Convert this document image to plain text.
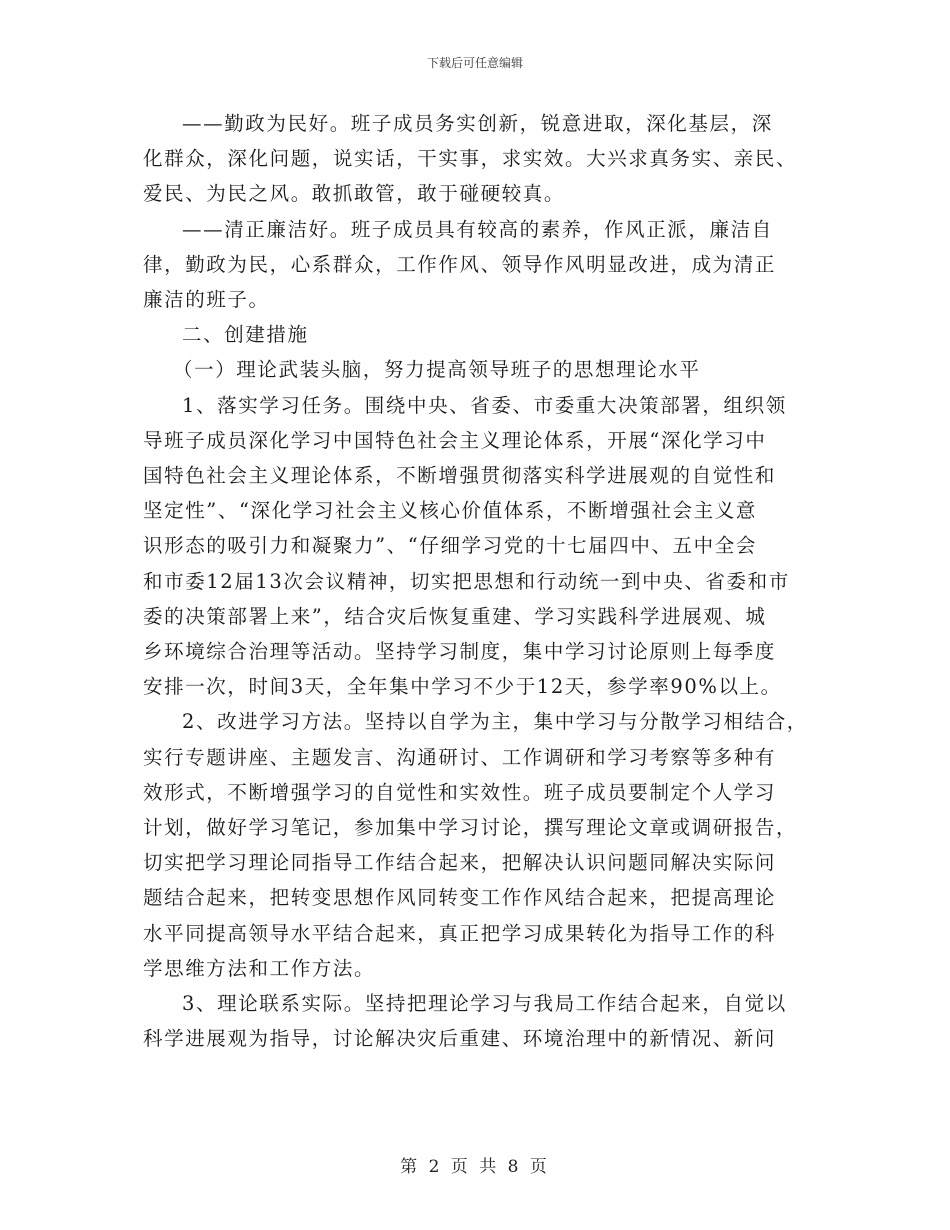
下载后可任意编辑

——勤政为民好。班子成员务实创新，锐意进取，深化基层，深
化群众，深化问题，说实话，干实事，求实效。大兴求真务实、亲民、
爱民、为民之风。敢抓敢管，敢于碰硬较真。

——清正廉洁好。班子成员具有较高的素养，作风正派，廉洁自
律，勤政为民，心系群众，工作作风、领导作风明显改进，成为清正
廉洁的班子。

二、创建措施

（一）理论武装头脑，努力提高领导班子的思想理论水平

1、落实学习任务。围绕中央、省委、市委重大决策部署，组织领
导班子成员深化学习中国特色社会主义理论体系，开展“深化学习中
国特色社会主义理论体系，不断增强贯彻落实科学进展观的自觉性和
坚定性”、“深化学习社会主义核心价值体系，不断增强社会主义意
识形态的吸引力和凝聚力”、“仔细学习党的十七届四中、五中全会
和市委12届13次会议精神，切实把思想和行动统一到中央、省委和市
委的决策部署上来”，结合灾后恢复重建、学习实践科学进展观、城
乡环境综合治理等活动。坚持学习制度，集中学习讨论原则上每季度
安排一次，时间3天，全年集中学习不少于12天，参学率90%以上。

2、改进学习方法。坚持以自学为主，集中学习与分散学习相结合，
实行专题讲座、主题发言、沟通研讨、工作调研和学习考察等多种有
效形式，不断增强学习的自觉性和实效性。班子成员要制定个人学习
计划，做好学习笔记，参加集中学习讨论，撰写理论文章或调研报告，
切实把学习理论同指导工作结合起来，把解决认识问题同解决实际问
题结合起来，把转变思想作风同转变工作作风结合起来，把提高理论
水平同提高领导水平结合起来，真正把学习成果转化为指导工作的科
学思维方法和工作方法。

3、理论联系实际。坚持把理论学习与我局工作结合起来，自觉以
科学进展观为指导，讨论解决灾后重建、环境治理中的新情况、新问

第 2 页 共 8 页
